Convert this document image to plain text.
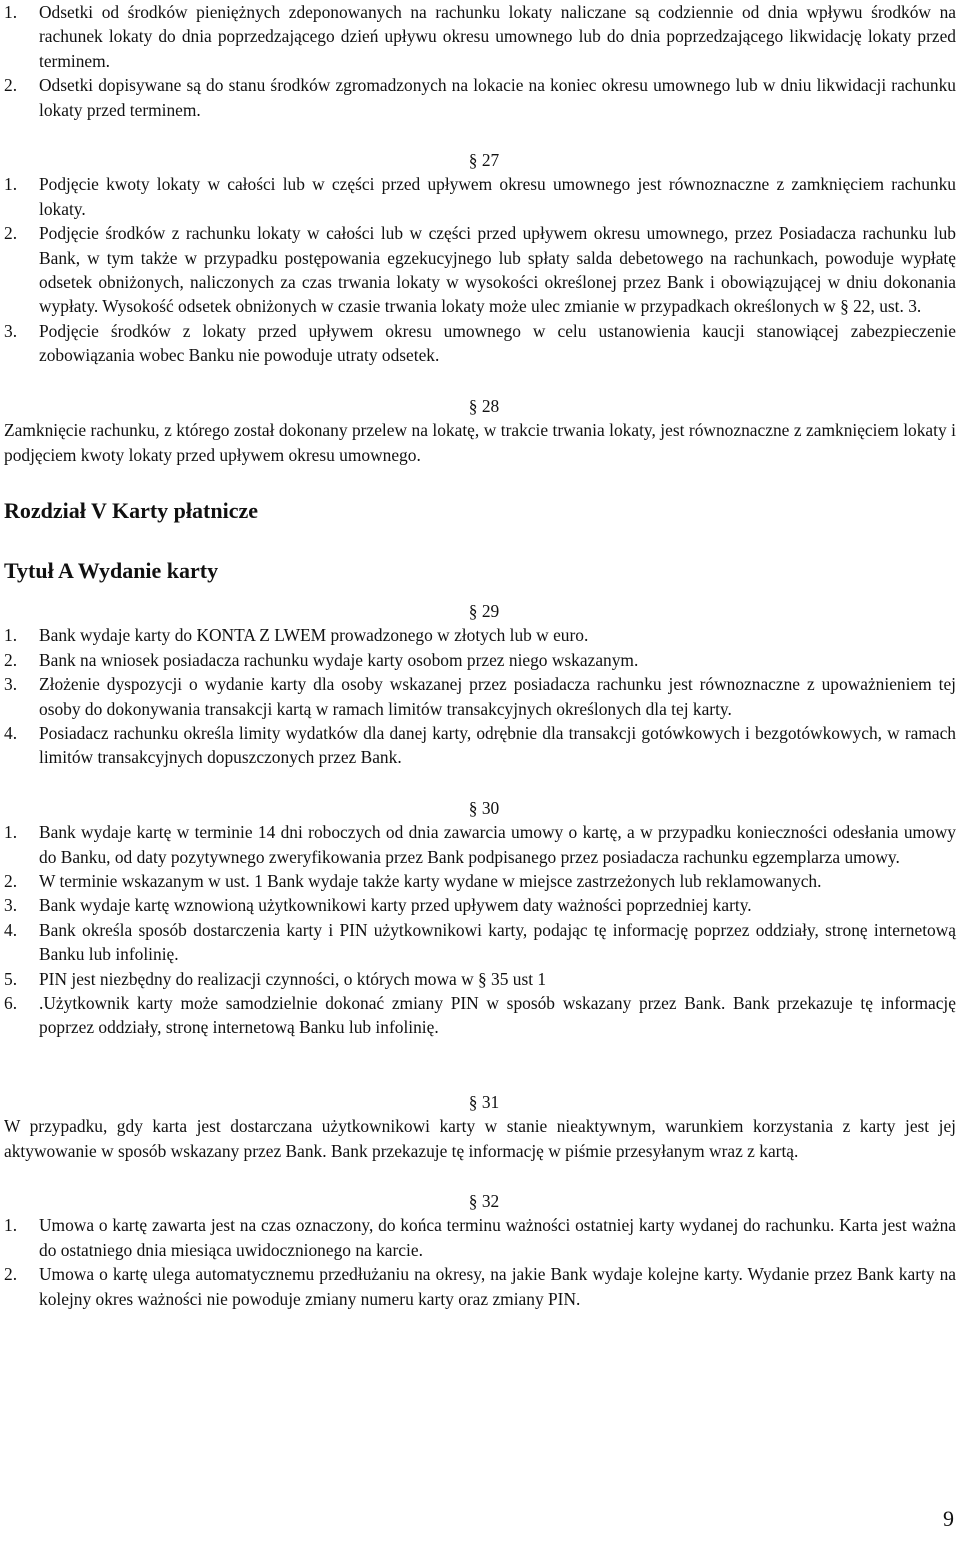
1.	Odsetki od środków pieniężnych zdeponowanych na rachunku lokaty naliczane są codziennie od dnia wpływu środków na rachunek lokaty do dnia poprzedzającego dzień upływu okresu umownego lub do dnia poprzedzającego likwidację lokaty przed terminem.
2.	Odsetki dopisywane są do stanu środków zgromadzonych na lokacie na koniec okresu umownego lub w dniu likwidacji rachunku lokaty przed terminem.
§ 27
1.	Podjęcie kwoty lokaty w całości lub w części przed upływem okresu umownego jest równoznaczne z zamknięciem rachunku lokaty.
2.	Podjęcie środków z rachunku lokaty w całości lub w części przed upływem okresu umownego, przez Posiadacza rachunku lub Bank, w tym także w przypadku postępowania egzekucyjnego lub spłaty salda debetowego na rachunkach, powoduje wypłatę odsetek obniżonych, naliczonych za czas trwania lokaty w wysokości określonej przez Bank i obowiązującej w dniu dokonania wypłaty. Wysokość odsetek obniżonych w czasie trwania lokaty może ulec zmianie w przypadkach określonych w § 22, ust. 3.
3.	Podjęcie środków z lokaty przed upływem okresu umownego w celu ustanowienia kaucji stanowiącej zabezpieczenie zobowiązania wobec Banku nie powoduje utraty odsetek.
§ 28
Zamknięcie rachunku, z którego został dokonany przelew na lokatę, w trakcie trwania lokaty, jest równoznaczne z zamknięciem lokaty i podjęciem kwoty lokaty przed upływem okresu umownego.
Rozdział V Karty płatnicze
Tytuł A Wydanie karty
§ 29
1.	Bank wydaje karty do KONTA Z LWEM prowadzonego w złotych lub w euro.
2.	Bank na wniosek posiadacza rachunku wydaje karty osobom przez niego wskazanym.
3.	Złożenie dyspozycji o wydanie karty dla osoby wskazanej przez posiadacza rachunku jest równoznaczne z upoważnieniem tej osoby do dokonywania transakcji kartą w ramach limitów transakcyjnych określonych dla tej karty.
4.	Posiadacz rachunku określa limity wydatków dla danej karty, odrębnie dla transakcji gotówkowych i bezgotówkowych, w ramach limitów transakcyjnych dopuszczonych przez Bank.
§ 30
1.	Bank wydaje kartę w terminie 14 dni roboczych od dnia zawarcia umowy o kartę, a w przypadku konieczności odesłania umowy do Banku, od daty pozytywnego zweryfikowania przez Bank podpisanego przez posiadacza rachunku egzemplarza umowy.
2.	W terminie wskazanym w ust. 1 Bank wydaje także karty wydane w miejsce zastrzeżonych lub reklamowanych.
3.	Bank wydaje kartę wznowioną użytkownikowi karty przed upływem daty ważności poprzedniej karty.
4.	Bank określa sposób dostarczenia karty i PIN użytkownikowi karty, podając tę informację poprzez oddziały, stronę internetową Banku lub infolinię.
5.	PIN jest niezbędny do realizacji czynności, o których mowa w § 35 ust 1
6.	.Użytkownik karty może samodzielnie dokonać zmiany PIN w sposób wskazany przez Bank. Bank przekazuje tę informację poprzez oddziały, stronę internetową Banku lub infolinię.
§ 31
W przypadku, gdy karta jest dostarczana użytkownikowi karty w stanie nieaktywnym, warunkiem korzystania z karty jest jej aktywowanie w sposób wskazany przez Bank. Bank przekazuje tę informację w piśmie przesyłanym wraz z kartą.
§ 32
1.	Umowa o kartę zawarta jest na czas oznaczony, do końca terminu ważności ostatniej karty wydanej do rachunku. Karta jest ważna do ostatniego dnia miesiąca uwidocznionego na karcie.
2.	Umowa o kartę ulega automatycznemu przedłużaniu na okresy, na jakie Bank wydaje kolejne karty. Wydanie przez Bank karty na kolejny okres ważności nie powoduje zmiany numeru karty oraz zmiany PIN.
9
